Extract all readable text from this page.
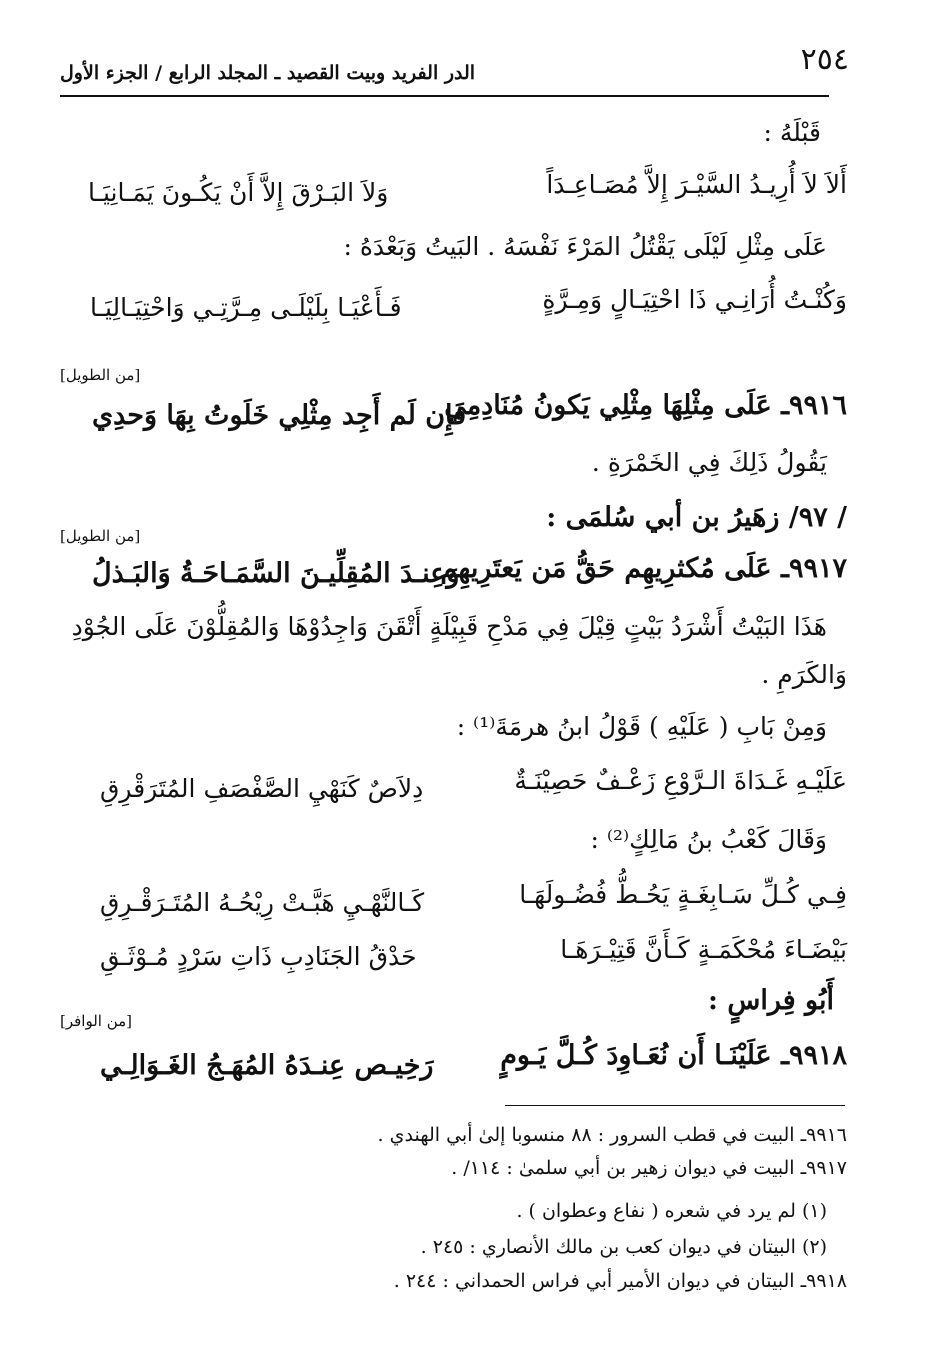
٢٥٤
الدر الفريد وبيت القصيد ـ المجلد الرابع / الجزء الأول
قَبْلَهُ :
أَلاَ لاَ أُرِيـدُ السَّيْـرَ إِلاَّ مُصَـاعِـدَاً
وَلاَ البَـرْقَ إِلاَّ أَنْ يَكُـونَ يَمَـانِيَـا
عَلَى مِثْلِ لَيْلَى يَقْتُلُ المَرْءَ نَفْسَهُ . البَيتُ وَبَعْدَهُ :
وَكُنْـتُ أُرَانِـي ذَا احْتِيَـالٍ وَمِـرَّةٍ
فَـأَعْيَـا بِلَيْلَـى مِـرَّتِـي وَاحْتِيَـالِيَـا
[من الطويل]
٩٩١٦ـ عَلَى مِثْلِهَا مِثْلِي يَكونُ مُنَادِمِي
فَإِن لَم أَجِد مِثْلِي خَلَوتُ بِهَا وَحدِي
يَقُولُ ذَلِكَ فِي الخَمْرَةِ .
/ ٩٧/ زهَيرُ بن أبي سُلمَى :
[من الطويل]
٩٩١٧ـ عَلَى مُكثرِيهِم حَقُّ مَن يَعتَرِيهِم
وَعِنـدَ المُقِلِّيـنَ السَّمَـاحَـةُ وَالبَـذلُ
هَذَا البَيْتُ أَشْرَدُ بَيْتٍ قِيْلَ فِي مَدْحِ قَبِيْلَةٍ أَتْقَنَ وَاجِدُوْهَا وَالمُقِلُّوْنَ عَلَى الجُوْدِ
وَالكَرَمِ .
وَمِنْ بَابِ ( عَلَيْهِ ) قَوْلُ ابنُ هرمَةَ⁽¹⁾ :
عَلَيْـهِ غَـدَاةَ الـرَّوْعِ زَعْـفٌ حَصِيْنَـةٌ
دِلاَصٌ كَنَهْيِ الصَّفْصَفِ المُتَرَقْرِقِ
وَقَالَ كَعْبُ بنُ مَالِكٍ⁽²⁾ :
فِـي كُـلِّ سَـابِغَـةٍ يَحُـطُّ فُضُـولَهَـا
كَـالنَّهْـيِ هَبَّـتْ رِيْحُـهُ المُتَـرَقْـرِقِ
بَيْضَـاءَ مُحْكَمَـةٍ كَـأَنَّ قَتِيْـرَهَـا
حَدْقُ الجَنَادِبِ ذَاتِ سَرْدٍ مُـوْثَـقِ
أَبُو فِراسٍ :
[من الوافر]
٩٩١٨ـ عَلَيْنَـا أَن نُعَـاوِدَ كُـلَّ يَـومٍ
رَخِيـص عِنـدَهُ المُهَـجُ الغَـوَالِـي
٩٩١٦ـ البيت في قطب السرور : ٨٨ منسوبا إلىٰ أبي الهندي .
٩٩١٧ـ البيت في ديوان زهير بن أبي سلمىٰ : ١١٤/ .
(١) لم يرد في شعره ( نفاع وعطوان ) .
(٢) البيتان في ديوان كعب بن مالك الأنصاري : ٢٤٥ .
٩٩١٨ـ البيتان في ديوان الأمير أبي فراس الحمداني : ٢٤٤ .
